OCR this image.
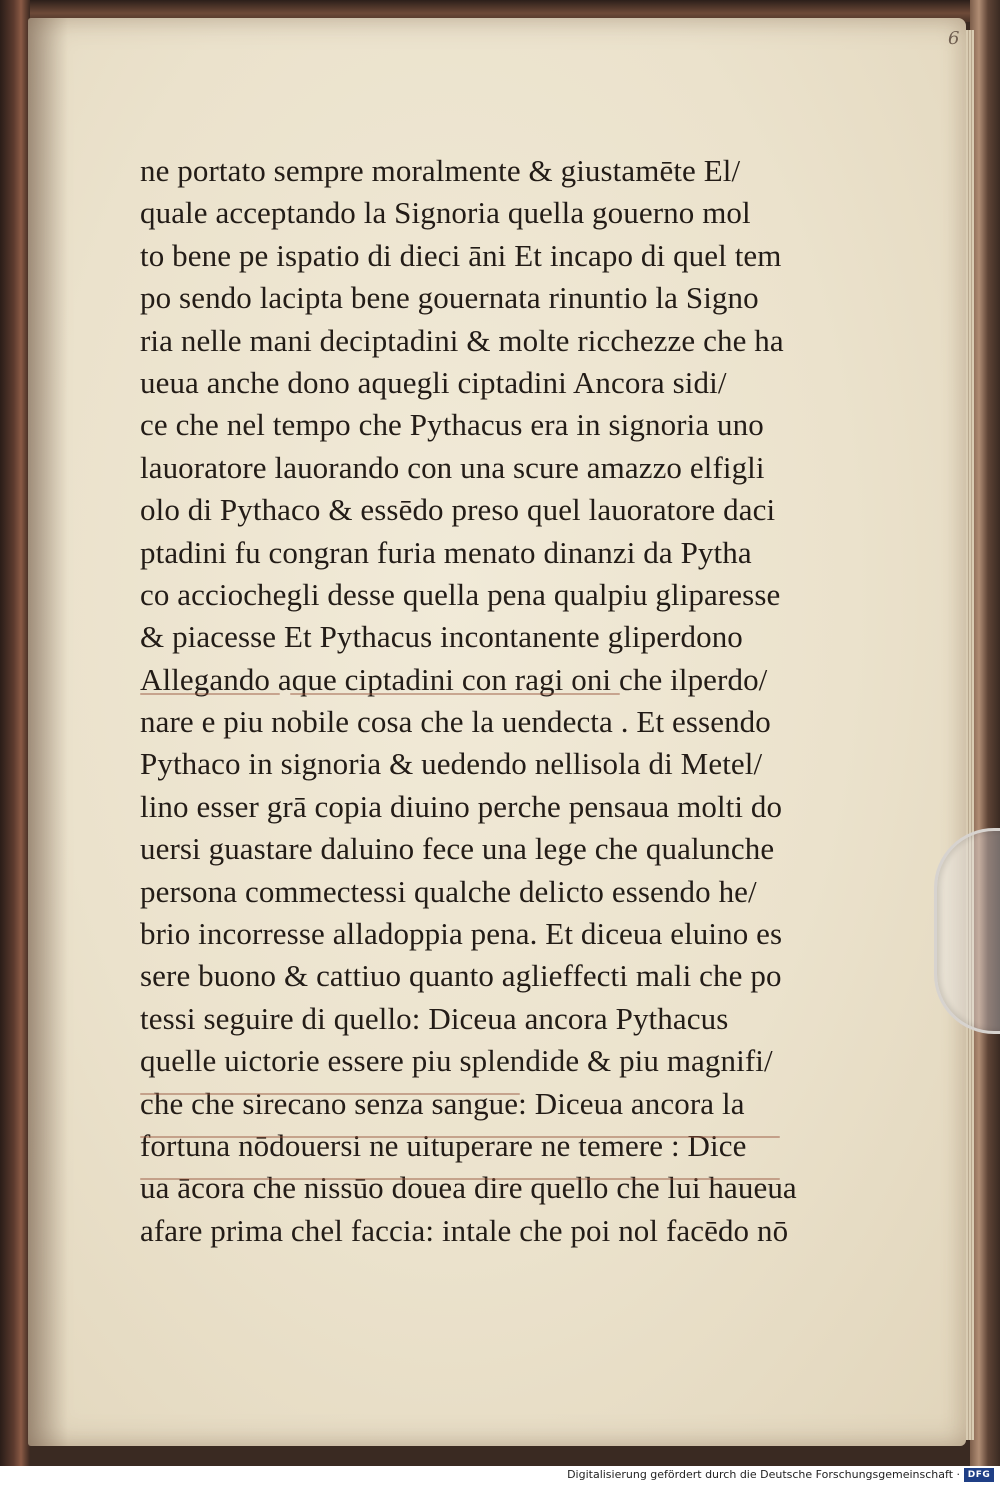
6
ne portato sempre moralmente & giustamēte El/
quale acceptando la Signoria quella gouerno mol
to bene pe ispatio di dieci āni Et incapo di quel tem
po sendo lacipta bene gouernata rinuntio la Signo
ria nelle mani deciptadini & molte ricchezze che ha
ueua anche dono aquegli ciptadini Ancora sidi/
ce che nel tempo che Pythacus era in signoria uno
lauoratore lauorando con una scure amazzo elfigli
olo di Pythaco & essēdo preso quel lauoratore daci
ptadini fu congran furia menato dinanzi da Pytha
co acciochegli desse quella pena qualpiu gliparesse
& piacesse Et Pythacus incontanente gliperdono
Allegando aque ciptadini con ragi oni che ilperdo/
nare e piu nobile cosa che la uendecta . Et essendo
Pythaco in signoria & uedendo nellisola di Metel/
lino esser grā copia diuino perche pensaua molti do
uersi guastare daluino fece una lege che qualunche
persona commectessi qualche delicto essendo he/
brio incorresse alladoppia pena. Et diceua eluino es
sere buono & cattiuo quanto aglieffecti mali che po
tessi seguire di quello: Diceua ancora Pythacus
quelle uictorie essere piu splendide & piu magnifi/
che che sirecano senza sangue: Diceua ancora la
fortuna nōdouersi ne uituperare ne temere : Dice
ua ācora che nissūo douea dire quello che lui haueua
afare prima chel faccia: intale che poi nol facēdo nō
Digitalisierung gefördert durch die Deutsche Forschungsgemeinschaft · DFG
